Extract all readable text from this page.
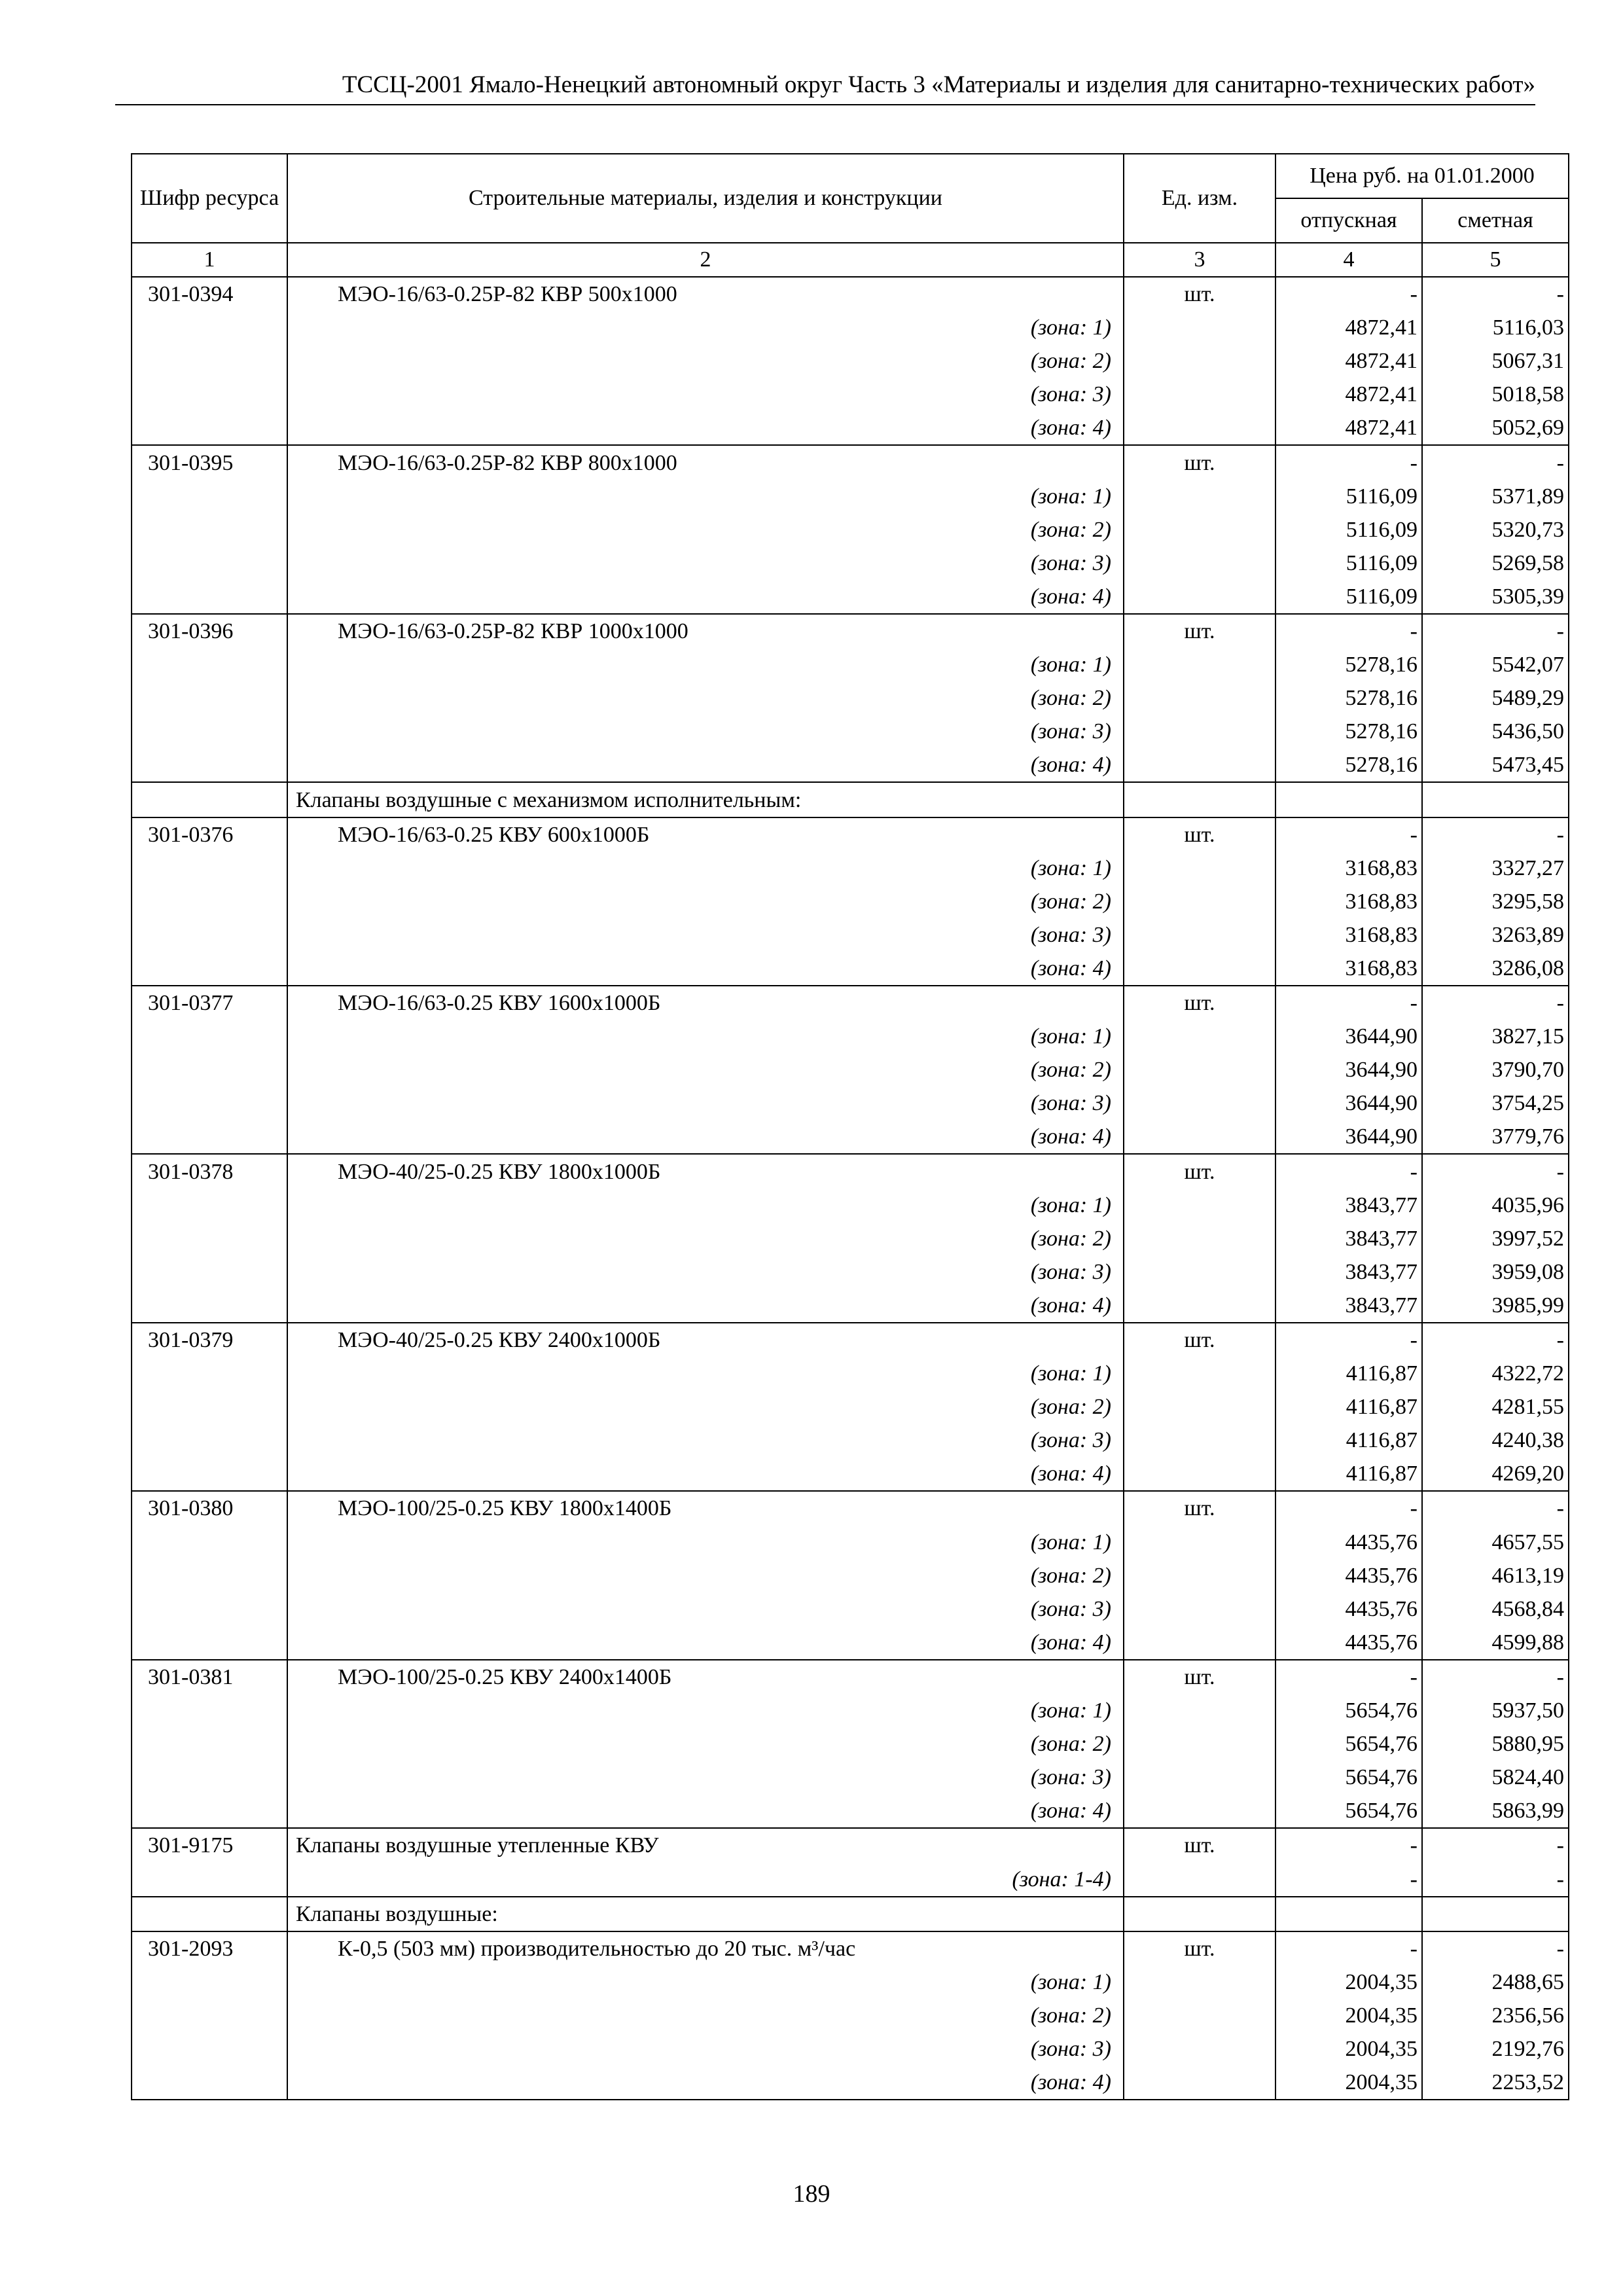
ТССЦ-2001 Ямало-Ненецкий автономный округ Часть 3 «Материалы и изделия для санитарно-технических работ»
Шифр ресурса	Строительные материалы, изделия и конструкции	Ед. изм.	Цена руб. на 01.01.2000	
			отпускная	сметная
1	2	3	4	5
301-0394	МЭО-16/63-0.25Р-82 КВР 500x1000	шт.	-	-
	(зона: 1)		4872,41	5116,03
	(зона: 2)		4872,41	5067,31
	(зона: 3)		4872,41	5018,58
	(зона: 4)		4872,41	5052,69
301-0395	МЭО-16/63-0.25Р-82 КВР 800x1000	шт.	-	-
	(зона: 1)		5116,09	5371,89
	(зона: 2)		5116,09	5320,73
	(зона: 3)		5116,09	5269,58
	(зона: 4)		5116,09	5305,39
301-0396	МЭО-16/63-0.25Р-82 КВР 1000x1000	шт.	-	-
	(зона: 1)		5278,16	5542,07
	(зона: 2)		5278,16	5489,29
	(зона: 3)		5278,16	5436,50
	(зона: 4)		5278,16	5473,45
	Клапаны воздушные с механизмом исполнительным:			
301-0376	МЭО-16/63-0.25 КВУ 600x1000Б	шт.	-	-
	(зона: 1)		3168,83	3327,27
	(зона: 2)		3168,83	3295,58
	(зона: 3)		3168,83	3263,89
	(зона: 4)		3168,83	3286,08
301-0377	МЭО-16/63-0.25 КВУ 1600x1000Б	шт.	-	-
	(зона: 1)		3644,90	3827,15
	(зона: 2)		3644,90	3790,70
	(зона: 3)		3644,90	3754,25
	(зона: 4)		3644,90	3779,76
301-0378	МЭО-40/25-0.25 КВУ 1800x1000Б	шт.	-	-
	(зона: 1)		3843,77	4035,96
	(зона: 2)		3843,77	3997,52
	(зона: 3)		3843,77	3959,08
	(зона: 4)		3843,77	3985,99
301-0379	МЭО-40/25-0.25 КВУ 2400x1000Б	шт.	-	-
	(зона: 1)		4116,87	4322,72
	(зона: 2)		4116,87	4281,55
	(зона: 3)		4116,87	4240,38
	(зона: 4)		4116,87	4269,20
301-0380	МЭО-100/25-0.25 КВУ 1800x1400Б	шт.	-	-
	(зона: 1)		4435,76	4657,55
	(зона: 2)		4435,76	4613,19
	(зона: 3)		4435,76	4568,84
	(зона: 4)		4435,76	4599,88
301-0381	МЭО-100/25-0.25 КВУ 2400x1400Б	шт.	-	-
	(зона: 1)		5654,76	5937,50
	(зона: 2)		5654,76	5880,95
	(зона: 3)		5654,76	5824,40
	(зона: 4)		5654,76	5863,99
301-9175	Клапаны воздушные утепленные КВУ	шт.	-	-
	(зона: 1-4)		-	-
	Клапаны воздушные:			
301-2093	К-0,5 (503 мм) производительностью до 20 тыс. м³/час	шт.	-	-
	(зона: 1)		2004,35	2488,65
	(зона: 2)		2004,35	2356,56
	(зона: 3)		2004,35	2192,76
	(зона: 4)		2004,35	2253,52
189
